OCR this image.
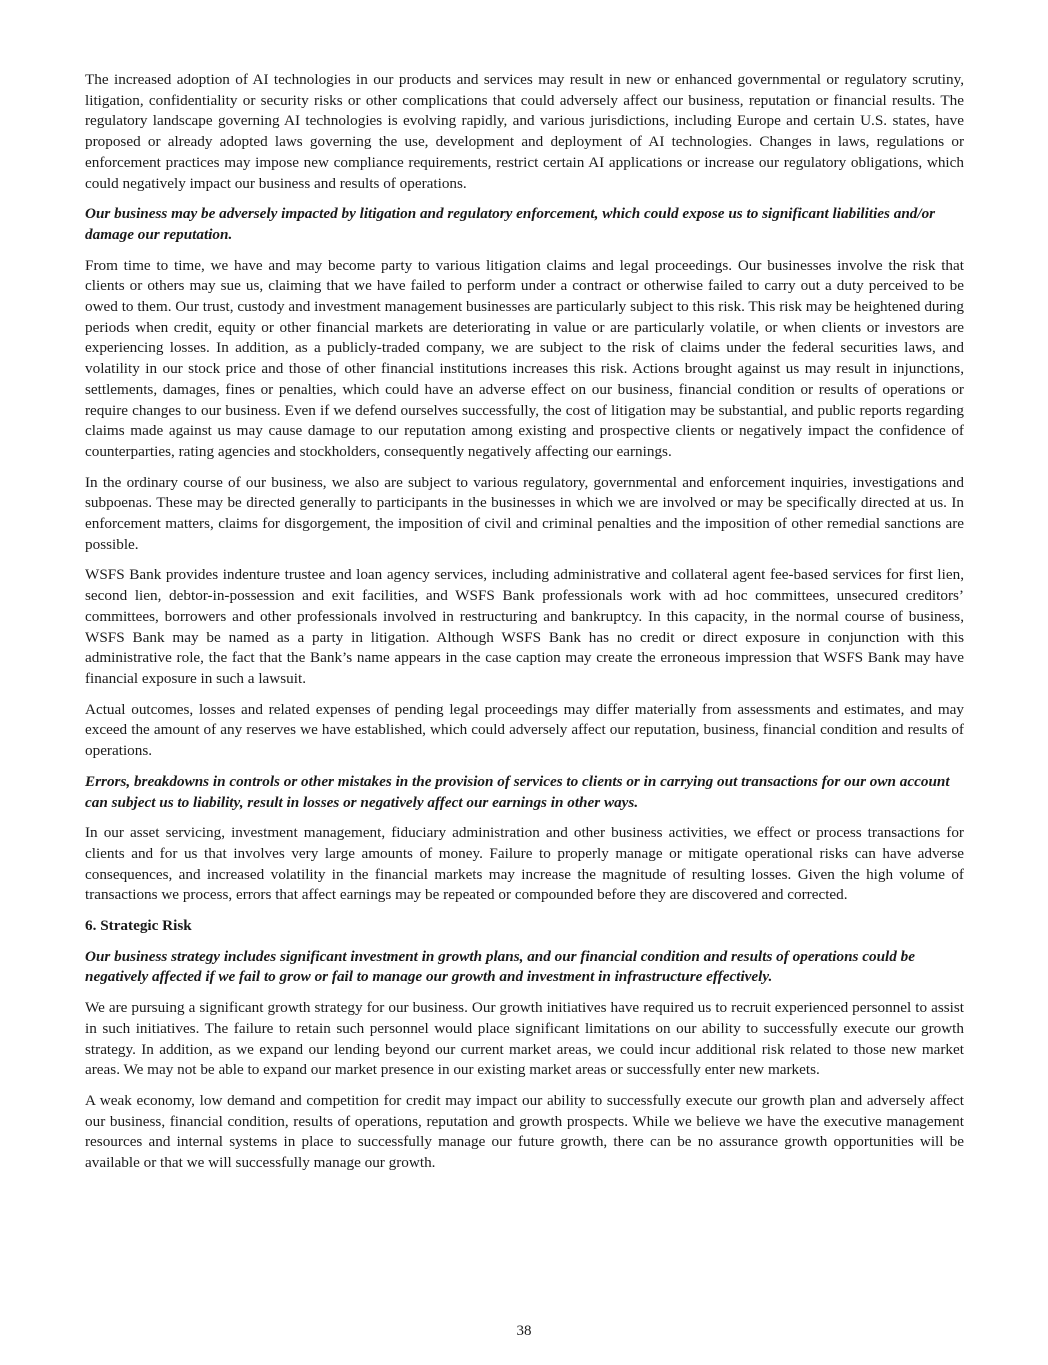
The increased adoption of AI technologies in our products and services may result in new or enhanced governmental or regulatory scrutiny, litigation, confidentiality or security risks or other complications that could adversely affect our business, reputation or financial results. The regulatory landscape governing AI technologies is evolving rapidly, and various jurisdictions, including Europe and certain U.S. states, have proposed or already adopted laws governing the use, development and deployment of AI technologies. Changes in laws, regulations or enforcement practices may impose new compliance requirements, restrict certain AI applications or increase our regulatory obligations, which could negatively impact our business and results of operations.

Our business may be adversely impacted by litigation and regulatory enforcement, which could expose us to significant liabilities and/or damage our reputation.

From time to time, we have and may become party to various litigation claims and legal proceedings. Our businesses involve the risk that clients or others may sue us, claiming that we have failed to perform under a contract or otherwise failed to carry out a duty perceived to be owed to them. Our trust, custody and investment management businesses are particularly subject to this risk. This risk may be heightened during periods when credit, equity or other financial markets are deteriorating in value or are particularly volatile, or when clients or investors are experiencing losses. In addition, as a publicly-traded company, we are subject to the risk of claims under the federal securities laws, and volatility in our stock price and those of other financial institutions increases this risk. Actions brought against us may result in injunctions, settlements, damages, fines or penalties, which could have an adverse effect on our business, financial condition or results of operations or require changes to our business. Even if we defend ourselves successfully, the cost of litigation may be substantial, and public reports regarding claims made against us may cause damage to our reputation among existing and prospective clients or negatively impact the confidence of counterparties, rating agencies and stockholders, consequently negatively affecting our earnings.

In the ordinary course of our business, we also are subject to various regulatory, governmental and enforcement inquiries, investigations and subpoenas. These may be directed generally to participants in the businesses in which we are involved or may be specifically directed at us. In enforcement matters, claims for disgorgement, the imposition of civil and criminal penalties and the imposition of other remedial sanctions are possible.

WSFS Bank provides indenture trustee and loan agency services, including administrative and collateral agent fee-based services for first lien, second lien, debtor-in-possession and exit facilities, and WSFS Bank professionals work with ad hoc committees, unsecured creditors’ committees, borrowers and other professionals involved in restructuring and bankruptcy. In this capacity, in the normal course of business, WSFS Bank may be named as a party in litigation. Although WSFS Bank has no credit or direct exposure in conjunction with this administrative role, the fact that the Bank’s name appears in the case caption may create the erroneous impression that WSFS Bank may have financial exposure in such a lawsuit.

Actual outcomes, losses and related expenses of pending legal proceedings may differ materially from assessments and estimates, and may exceed the amount of any reserves we have established, which could adversely affect our reputation, business, financial condition and results of operations.

Errors, breakdowns in controls or other mistakes in the provision of services to clients or in carrying out transactions for our own account can subject us to liability, result in losses or negatively affect our earnings in other ways.

In our asset servicing, investment management, fiduciary administration and other business activities, we effect or process transactions for clients and for us that involves very large amounts of money. Failure to properly manage or mitigate operational risks can have adverse consequences, and increased volatility in the financial markets may increase the magnitude of resulting losses. Given the high volume of transactions we process, errors that affect earnings may be repeated or compounded before they are discovered and corrected.

6. Strategic Risk

Our business strategy includes significant investment in growth plans, and our financial condition and results of operations could be negatively affected if we fail to grow or fail to manage our growth and investment in infrastructure effectively.

We are pursuing a significant growth strategy for our business. Our growth initiatives have required us to recruit experienced personnel to assist in such initiatives. The failure to retain such personnel would place significant limitations on our ability to successfully execute our growth strategy. In addition, as we expand our lending beyond our current market areas, we could incur additional risk related to those new market areas. We may not be able to expand our market presence in our existing market areas or successfully enter new markets.

A weak economy, low demand and competition for credit may impact our ability to successfully execute our growth plan and adversely affect our business, financial condition, results of operations, reputation and growth prospects. While we believe we have the executive management resources and internal systems in place to successfully manage our future growth, there can be no assurance growth opportunities will be available or that we will successfully manage our growth.

38
